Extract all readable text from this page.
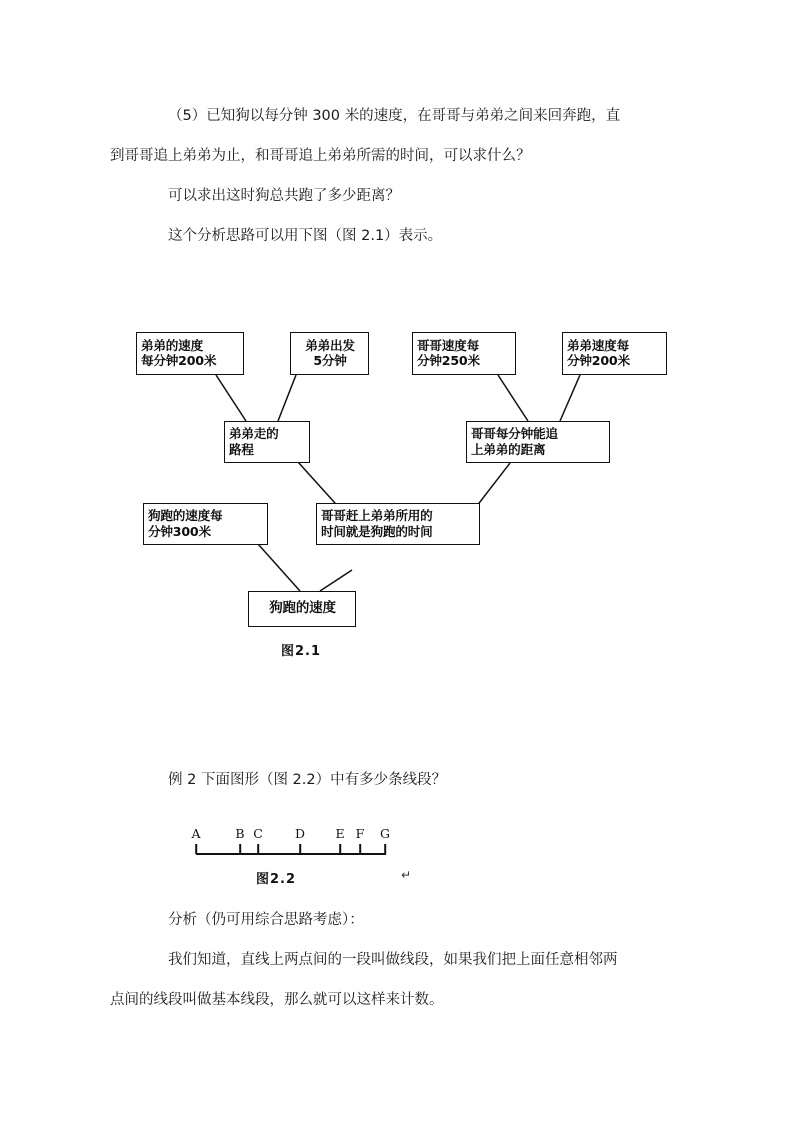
（5）已知狗以每分钟 300 米的速度，在哥哥与弟弟之间来回奔跑，直

到哥哥追上弟弟为止，和哥哥追上弟弟所需的时间，可以求什么？

可以求出这时狗总共跑了多少距离？

这个分析思路可以用下图（图 2.1）表示。

弟弟的速度
每分钟200米
弟弟出发
5分钟
哥哥速度每
分钟250米
弟弟速度每
分钟200米
弟弟走的
路程
哥哥每分钟能追
上弟弟的距离
狗跑的速度每
分钟300米
哥哥赶上弟弟所用的
时间就是狗跑的时间
狗跑的速度
图2.1

例 2 下面图形（图 2.2）中有多少条线段？

A	B C	D E F G
图2.2	↵

分析（仍可用综合思路考虑）：

我们知道，直线上两点间的一段叫做线段，如果我们把上面任意相邻两

点间的线段叫做基本线段，那么就可以这样来计数。
